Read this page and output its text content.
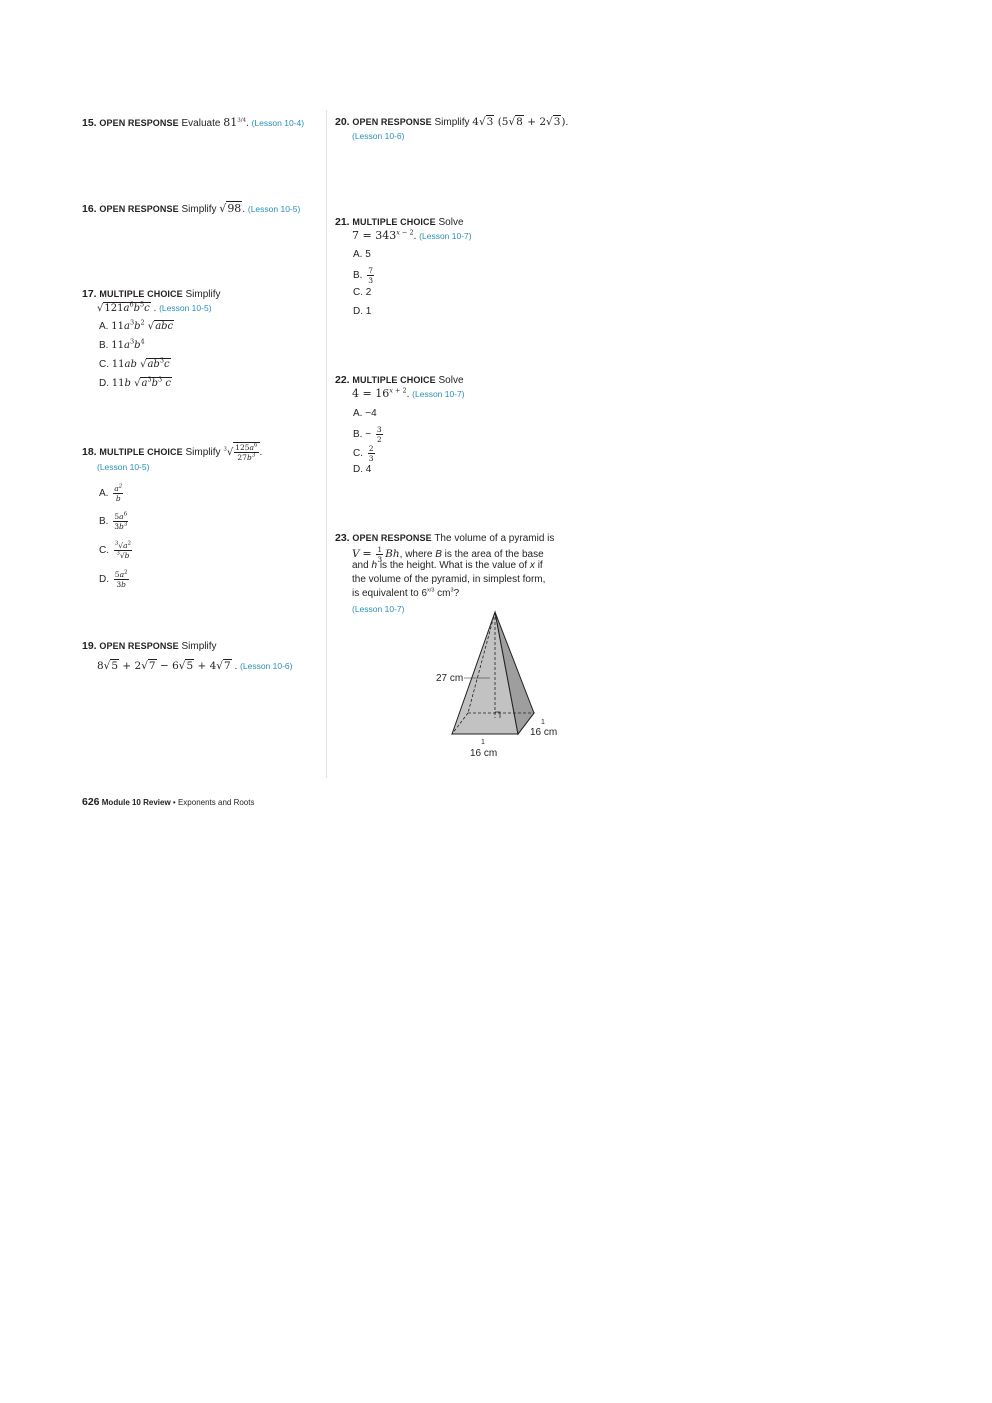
15. OPEN RESPONSE Evaluate $81^{3/4}$. (Lesson 10-4)
16. OPEN RESPONSE Simplify √98. (Lesson 10-5)
17. MULTIPLE CHOICE Simplify
$√121a^6b^5c$ . (Lesson 10-5)
A. $11a^3b^2$ √abc
B. $11a^3b^4$
C. 11ab $√ab^3c$
D. 11b $√a^3b^3$ c
18. MULTIPLE CHOICE Simplify $^3√ \frac{125a^6}{27b^3}$ .
(Lesson 10-5)
A. $\frac{a^2}{b}$
B. $\frac{5a^6}{3b^3}$
C. $\frac{^3√a^2}{^3√b}$
D. $\frac{5a^2}{3b}$
19. OPEN RESPONSE Simplify
8√5 + 2√7 − 6√5 + 4√7 . (Lesson 10-6)
20. OPEN RESPONSE Simplify 4√3 (5√8 + 2√3).
(Lesson 10-6)
21. MULTIPLE CHOICE Solve
$7 = 343^{x - 2}$. (Lesson 10-7)
A. 5
B. $\frac{7}{3}$
C. 2
D. 1
22. MULTIPLE CHOICE Solve
$4 = 16^{x + 2}$. (Lesson 10-7)
A. −4
B. − $\frac{3}{2}$
C. $\frac{2}{3}$
D. 4
23. OPEN RESPONSE The volume of a pyramid is
$V = \frac{1}{3} Bh$, where B is the area of the base
and h is the height. What is the value of x if
the volume of the pyramid, in simplest form,
is equivalent to $6^{x/3}$ $cm^3$?
(Lesson 10-7)
27 cm
1
16 cm
1
16 cm
626 Module 10 Review • Exponents and Roots
